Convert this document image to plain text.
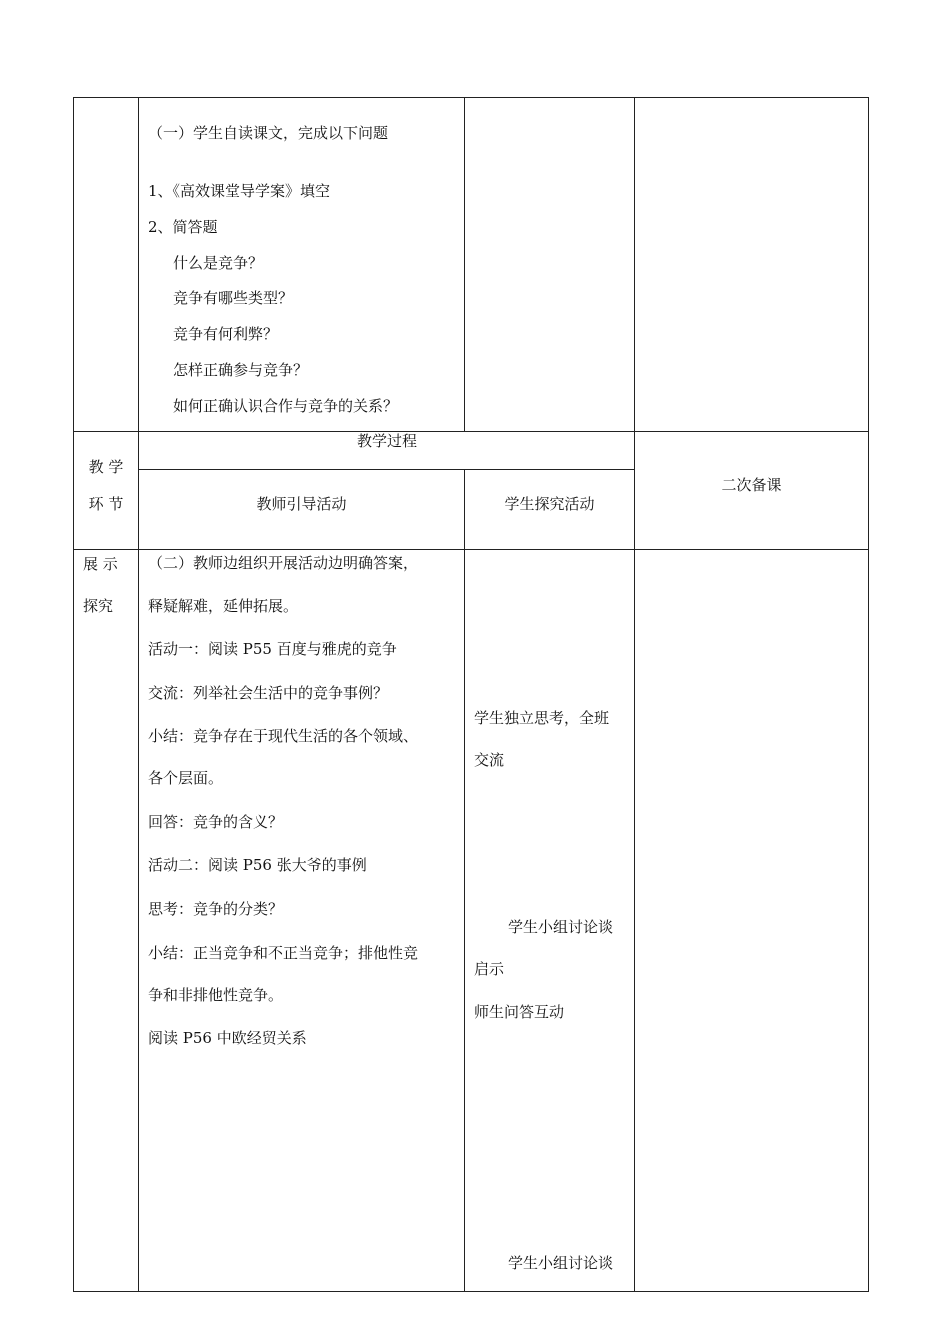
（一）学生自读课文，完成以下问题
1、《高效课堂导学案》填空
2、简答题
什么是竞争？
竞争有哪些类型？
竞争有何利弊？
怎样正确参与竞争？
如何正确认识合作与竞争的关系？
教 学
环 节
教学过程
教师引导活动	学生探究活动
二次备课
展 示
探究
（二）教师边组织开展活动边明确答案，
释疑解难，延伸拓展。
活动一：阅读 P55 百度与雅虎的竞争
交流：列举社会生活中的竞争事例？
小结：竞争存在于现代生活的各个领域、
各个层面。
回答：竞争的含义？
活动二：阅读 P56 张大爷的事例
思考：竞争的分类？
小结：正当竞争和不正当竞争；排他性竞
争和非排他性竞争。
阅读 P56 中欧经贸关系
学生独立思考，全班
交流
学生小组讨论谈
启示
师生问答互动
学生小组讨论谈
